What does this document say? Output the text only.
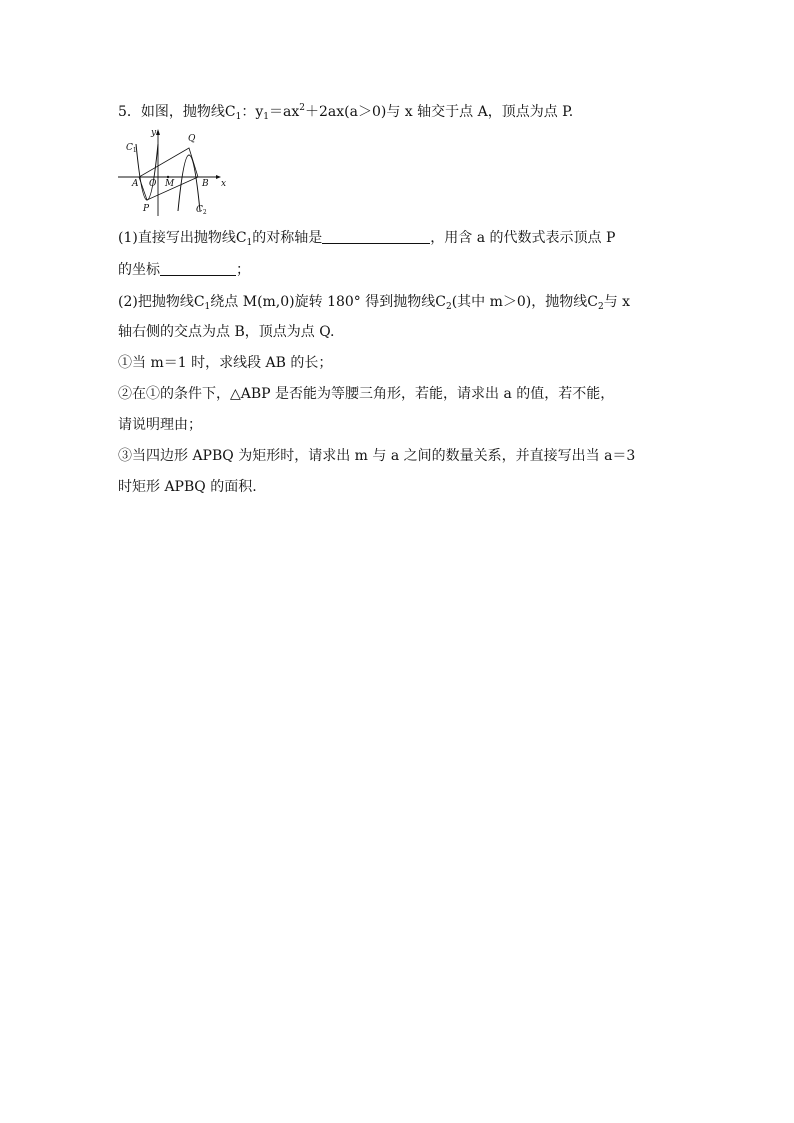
5．如图，抛物线$C_1$：$y_1=ax^2+2ax(a>0)$与 x 轴交于点 A，顶点为点 P.
y
x
$C_1$
$C_2$
A O M	B
P
Q
(1)直接写出抛物线$C_1$的对称轴是	，用含 a 的代数式表示顶点 P
的坐标	；
(2)把抛物线$C_1$绕点 M(m,0)旋转 180° 得到抛物线$C_2$(其中 m＞0)，抛物线$C_2$与 x
轴右侧的交点为点 B，顶点为点 Q.
①当 m＝1 时，求线段 AB 的长；
②在①的条件下，△ABP 是否能为等腰三角形，若能，请求出 a 的值，若不能，
请说明理由；
③当四边形 APBQ 为矩形时，请求出 m 与 a 之间的数量关系，并直接写出当 a＝3
时矩形 APBQ 的面积.
